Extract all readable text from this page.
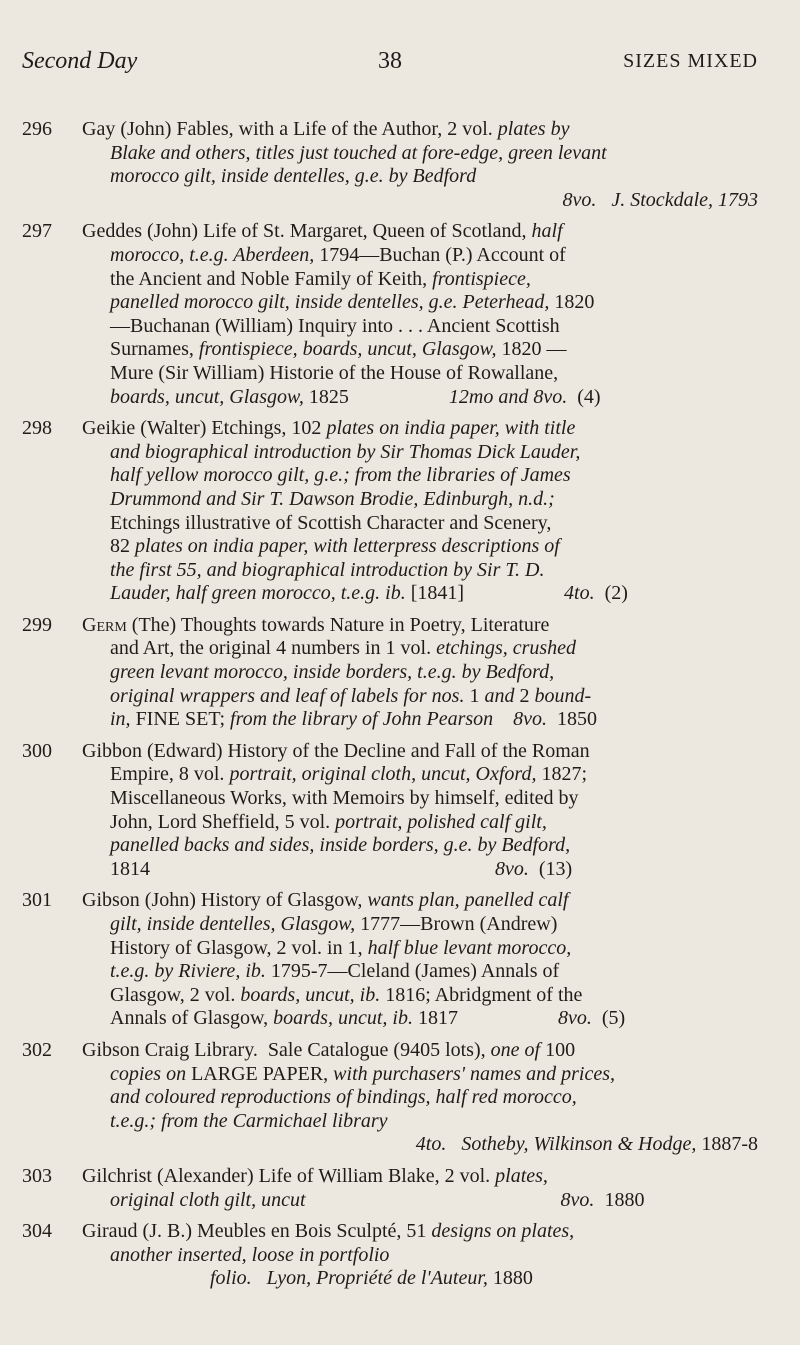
Second Day	38	SIZES MIXED
296	Gay (John) Fables, with a Life of the Author, 2 vol. plates by
Blake and others, titles just touched at fore-edge, green levant
morocco gilt, inside dentelles, g.e. by Bedford
8vo.   J. Stockdale, 1793
297	Geddes (John) Life of St. Margaret, Queen of Scotland, half
morocco, t.e.g. Aberdeen, 1794—Buchan (P.) Account of
the Ancient and Noble Family of Keith, frontispiece,
panelled morocco gilt, inside dentelles, g.e. Peterhead, 1820
—Buchanan (William) Inquiry into . . . Ancient Scottish
Surnames, frontispiece, boards, uncut, Glasgow, 1820 —
Mure (Sir William) Historie of the House of Rowallane,
boards, uncut, Glasgow, 1825                    12mo and 8vo.  (4)
298	Geikie (Walter) Etchings, 102 plates on india paper, with title
and biographical introduction by Sir Thomas Dick Lauder,
half yellow morocco gilt, g.e.; from the libraries of James
Drummond and Sir T. Dawson Brodie, Edinburgh, n.d.;
Etchings illustrative of Scottish Character and Scenery,
82 plates on india paper, with letterpress descriptions of
the first 55, and biographical introduction by Sir T. D.
Lauder, half green morocco, t.e.g. ib. [1841]                    4to.  (2)
299	Germ (The) Thoughts towards Nature in Poetry, Literature
and Art, the original 4 numbers in 1 vol. etchings, crushed
green levant morocco, inside borders, t.e.g. by Bedford,
original wrappers and leaf of labels for nos. 1 and 2 bound-
in, FINE SET; from the library of John Pearson 8vo.  1850
300	Gibbon (Edward) History of the Decline and Fall of the Roman
Empire, 8 vol. portrait, original cloth, uncut, Oxford, 1827;
Miscellaneous Works, with Memoirs by himself, edited by
John, Lord Sheffield, 5 vol. portrait, polished calf gilt,
panelled backs and sides, inside borders, g.e. by Bedford,
1814                                                                     8vo.  (13)
301	Gibson (John) History of Glasgow, wants plan, panelled calf
gilt, inside dentelles, Glasgow, 1777—Brown (Andrew)
History of Glasgow, 2 vol. in 1, half blue levant morocco,
t.e.g. by Riviere, ib. 1795-7—Cleland (James) Annals of
Glasgow, 2 vol. boards, uncut, ib. 1816; Abridgment of the
Annals of Glasgow, boards, uncut, ib. 1817                    8vo.  (5)
302	Gibson Craig Library.  Sale Catalogue (9405 lots), one of 100
copies on LARGE PAPER, with purchasers' names and prices,
and coloured reproductions of bindings, half red morocco,
t.e.g.; from the Carmichael library
4to.   Sotheby, Wilkinson & Hodge, 1887-8
303	Gilchrist (Alexander) Life of William Blake, 2 vol. plates,
original cloth gilt, uncut	8vo.  1880
304	Giraud (J. B.) Meubles en Bois Sculpté, 51 designs on plates,
another inserted, loose in portfolio
folio.   Lyon, Propriété de l'Auteur, 1880
